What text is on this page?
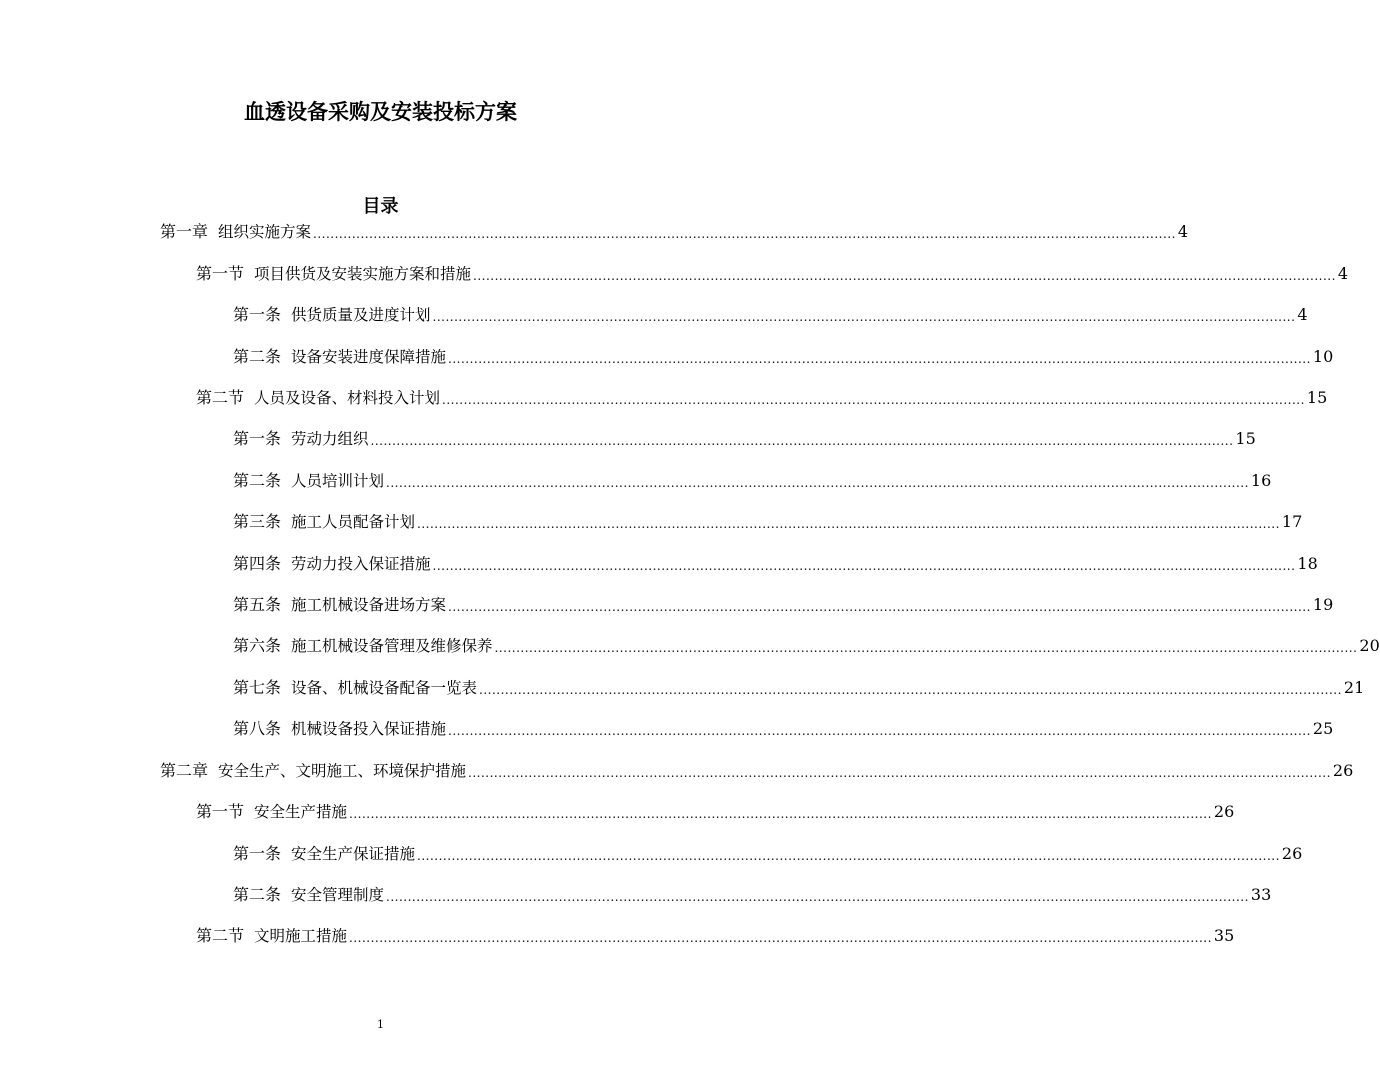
血透设备采购及安装投标方案
目录
第一章 组织实施方案 ........................................................................................................................................................................................................ 4
第一节 项目供货及安装实施方案和措施 ........................................................................................................................................................................................................ 4
第一条 供货质量及进度计划 ........................................................................................................................................................................................................ 4
第二条 设备安装进度保障措施 ........................................................................................................................................................................................................ 10
第二节 人员及设备、材料投入计划 ........................................................................................................................................................................................................ 15
第一条 劳动力组织 ........................................................................................................................................................................................................ 15
第二条 人员培训计划 ........................................................................................................................................................................................................ 16
第三条 施工人员配备计划 ........................................................................................................................................................................................................ 17
第四条 劳动力投入保证措施 ........................................................................................................................................................................................................ 18
第五条 施工机械设备进场方案 ........................................................................................................................................................................................................ 19
第六条 施工机械设备管理及维修保养 ........................................................................................................................................................................................................ 20
第七条 设备、机械设备配备一览表 ........................................................................................................................................................................................................ 21
第八条 机械设备投入保证措施 ........................................................................................................................................................................................................ 25
第二章 安全生产、文明施工、环境保护措施 ........................................................................................................................................................................................................ 26
第一节 安全生产措施 ........................................................................................................................................................................................................ 26
第一条 安全生产保证措施 ........................................................................................................................................................................................................ 26
第二条 安全管理制度 ........................................................................................................................................................................................................ 33
第二节 文明施工措施 ........................................................................................................................................................................................................ 35
1
